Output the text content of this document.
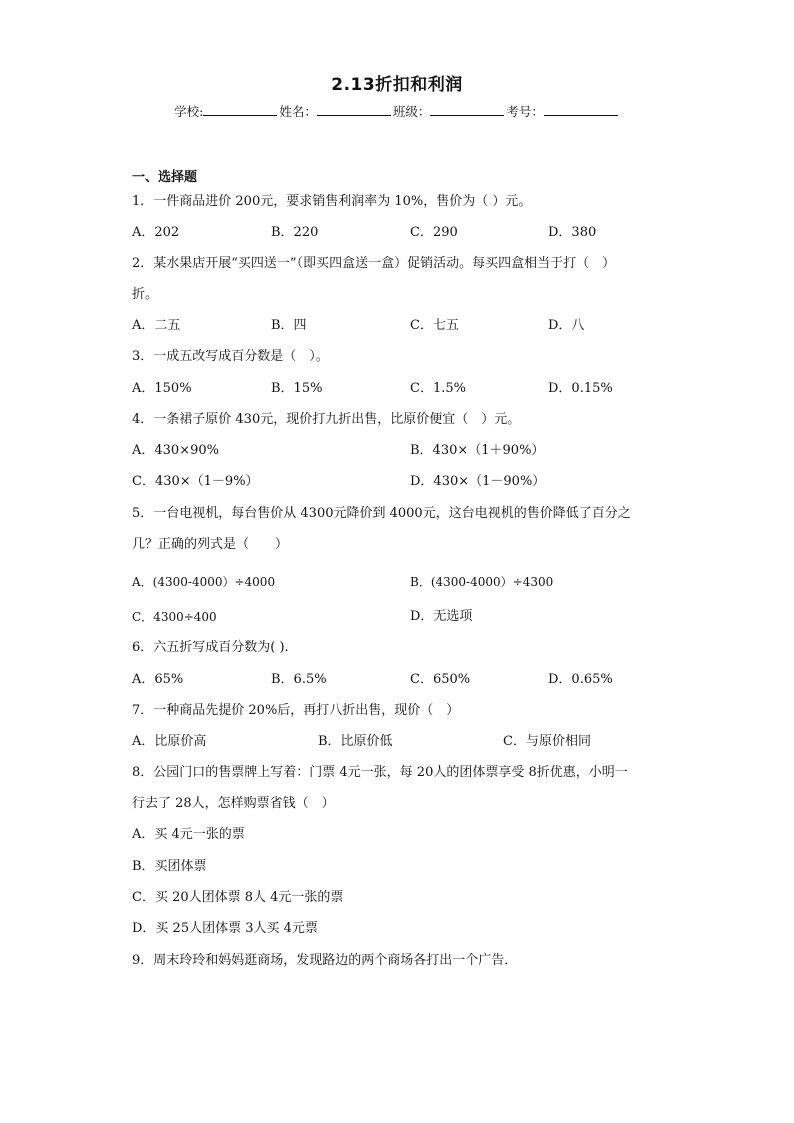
2.13折扣和利润
学校:	姓名：	班级：	考号：
一、选择题
1．一件商品进价 200元，要求销售利润率为 10%，售价为（ ）元。
A．202	B．220	C．290	D．380
2．某水果店开展“买四送一”（即买四盒送一盒）促销活动。每买四盒相当于打（　）
折。
A．二五	B．四	C．七五	D．八
3．一成五改写成百分数是（　）。
A．150%	B．15%	C．1.5%	D．0.15%
4．一条裙子原价 430元，现价打九折出售，比原价便宜（　）元。
A．430×90%	B．430×（1＋90%）
C．430×（1－9%）	D．430×（1－90%）
5．一台电视机，每台售价从 4300元降价到 4000元，这台电视机的售价降低了百分之
几？正确的列式是（　　）
A．(4300-4000）÷4000	B．(4300-4000）÷4300
C．4300÷400	D．无选项
6．六五折写成百分数为( ).
A．65%	B．6.5%	C．650%	D．0.65%
7．一种商品先提价 20%后，再打八折出售，现价（　）
A．比原价高	B．比原价低	C．与原价相同
8．公园门口的售票牌上写着：门票 4元一张，每 20人的团体票享受 8折优惠，小明一
行去了 28人，怎样购票省钱（　）
A．买 4元一张的票
B．买团体票
C．买 20人团体票 8人 4元一张的票
D．买 25人团体票 3人买 4元票
9．周末玲玲和妈妈逛商场，发现路边的两个商场各打出一个广告．
